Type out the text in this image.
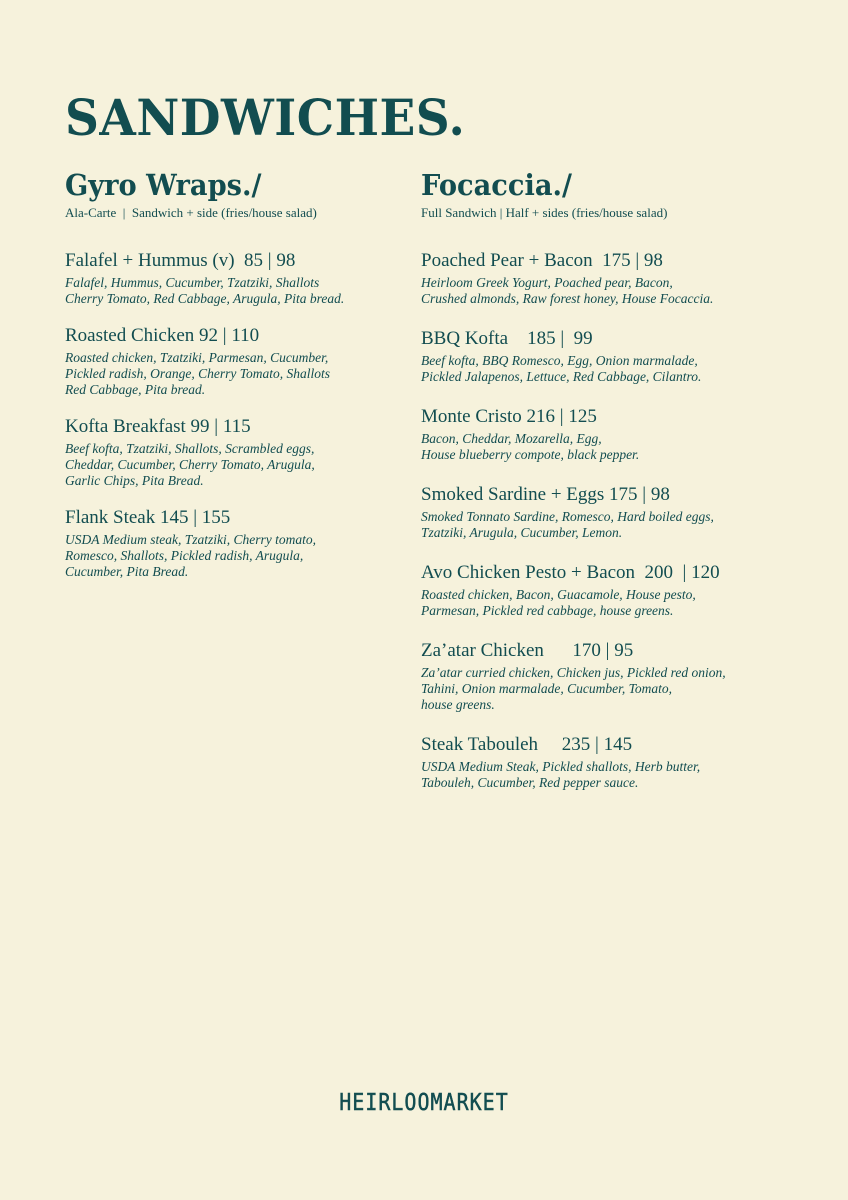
SANDWICHES.
Gyro Wraps./
Ala-Carte  |  Sandwich + side (fries/house salad)
Falafel + Hummus (v)  85 | 98
Falafel, Hummus, Cucumber, Tzatziki, Shallots
Cherry Tomato, Red Cabbage, Arugula, Pita bread.
Roasted Chicken 92 | 110
Roasted chicken, Tzatziki, Parmesan, Cucumber,
Pickled radish, Orange, Cherry Tomato, Shallots
Red Cabbage, Pita bread.
Kofta Breakfast 99 | 115
Beef kofta, Tzatziki, Shallots, Scrambled eggs,
Cheddar, Cucumber, Cherry Tomato, Arugula,
Garlic Chips, Pita Bread.
Flank Steak 145 | 155
USDA Medium steak, Tzatziki, Cherry tomato,
Romesco, Shallots, Pickled radish, Arugula,
Cucumber, Pita Bread.
Focaccia./
Full Sandwich | Half + sides (fries/house salad)
Poached Pear + Bacon  175 | 98
Heirloom Greek Yogurt, Poached pear, Bacon,
Crushed almonds, Raw forest honey, House Focaccia.
BBQ Kofta    185 |  99
Beef kofta, BBQ Romesco, Egg, Onion marmalade,
Pickled Jalapenos, Lettuce, Red Cabbage, Cilantro.
Monte Cristo 216 | 125
Bacon, Cheddar, Mozarella, Egg,
House blueberry compote, black pepper.
Smoked Sardine + Eggs 175 | 98
Smoked Tonnato Sardine, Romesco, Hard boiled eggs,
Tzatziki, Arugula, Cucumber, Lemon.
Avo Chicken Pesto + Bacon  200  | 120
Roasted chicken, Bacon, Guacamole, House pesto,
Parmesan, Pickled red cabbage, house greens.
Za’atar Chicken      170 | 95
Za’atar curried chicken, Chicken jus, Pickled red onion,
Tahini, Onion marmalade, Cucumber, Tomato,
house greens.
Steak Tabouleh     235 | 145
USDA Medium Steak, Pickled shallots, Herb butter,
Tabouleh, Cucumber, Red pepper sauce.
HEIRLOOMARKET
